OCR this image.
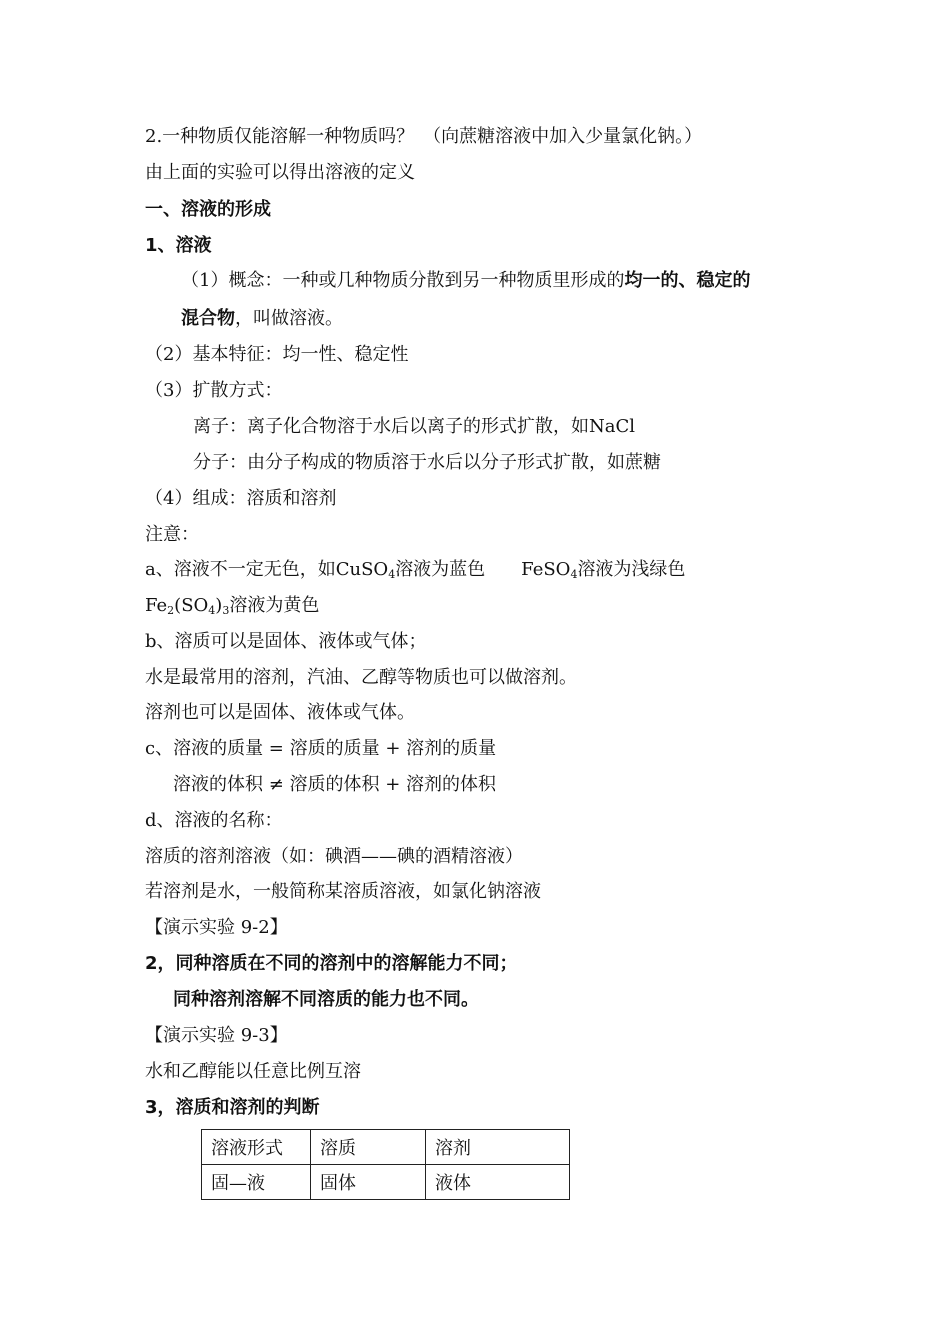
2.一种物质仅能溶解一种物质吗？　（向蔗糖溶液中加入少量氯化钠。）
由上面的实验可以得出溶液的定义
一、溶液的形成
1、溶液
（1）概念：一种或几种物质分散到另一种物质里形成的均一的、稳定的
混合物，叫做溶液。
（2）基本特征：均一性、稳定性
（3）扩散方式：
离子：离子化合物溶于水后以离子的形式扩散，如NaCl
分子：由分子构成的物质溶于水后以分子形式扩散，如蔗糖
（4）组成：溶质和溶剂
注意：
a、溶液不一定无色，如CuSO$_4$溶液为蓝色　　FeSO$_4$溶液为浅绿色
$Fe_2(SO_4)_3$溶液为黄色
b、溶质可以是固体、液体或气体；
水是最常用的溶剂，汽油、乙醇等物质也可以做溶剂。
溶剂也可以是固体、液体或气体。
c、溶液的质量 = 溶质的质量 + 溶剂的质量
溶液的体积 ≠ 溶质的体积 + 溶剂的体积
d、溶液的名称：
溶质的溶剂溶液（如：碘酒——碘的酒精溶液）
若溶剂是水，一般简称某溶质溶液，如氯化钠溶液
【演示实验 9-2】
2，同种溶质在不同的溶剂中的溶解能力不同；
同种溶剂溶解不同溶质的能力也不同。
【演示实验 9-3】
水和乙醇能以任意比例互溶
3，溶质和溶剂的判断
溶液形式	溶质	溶剂
固—液	固体	液体
